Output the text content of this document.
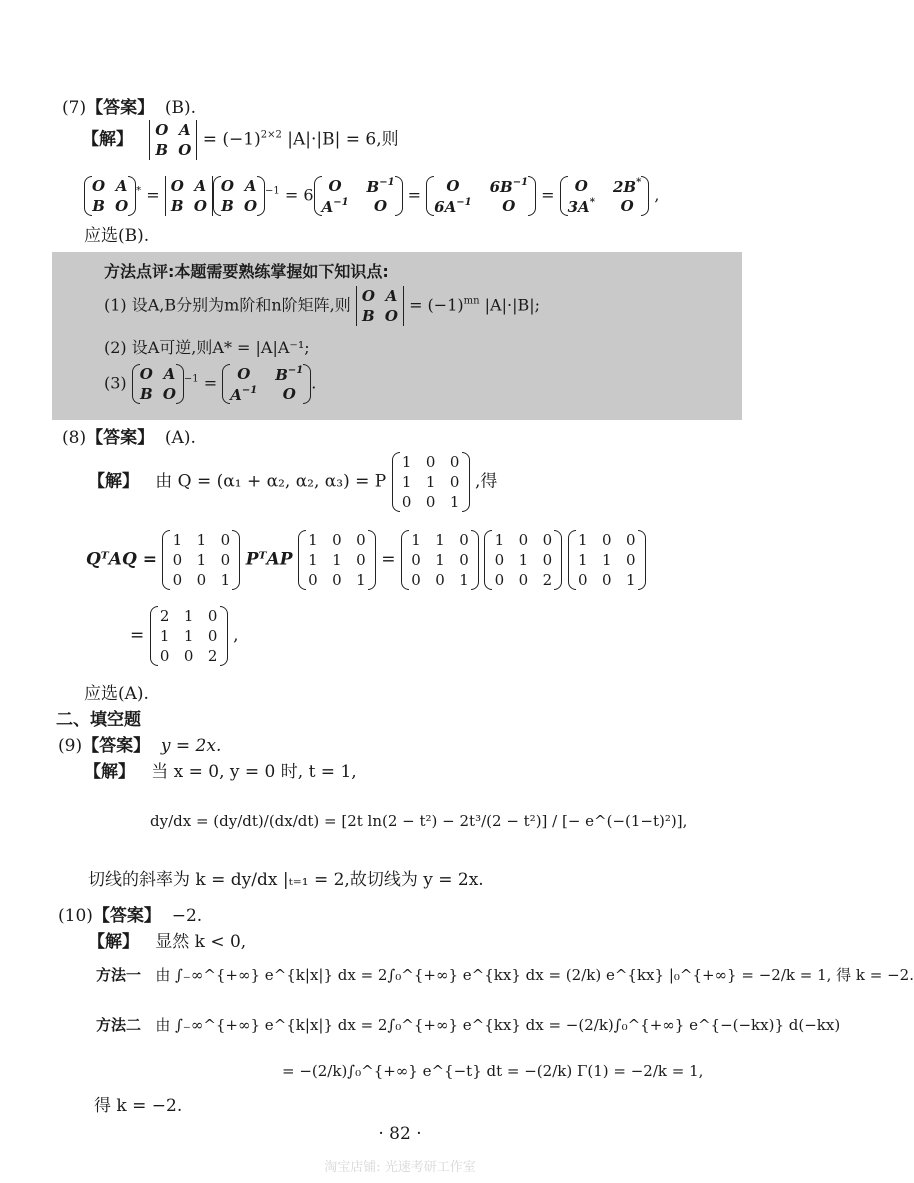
(7)【答案】 (B).
【解】 O A
B O
= $(-1)^{2\times 2}$ |A|·|B| = 6,则
O A
B O
* = O A
B O
O A
B O
$^{-1}$ = 6 O $B^{-1}$
$A^{-1}$ O
= O $6B^{-1}$
$6A^{-1}$ O
= O 2B*
3A* O
,
应选(B).
方法点评:本题需要熟练掌握如下知识点:
(1) 设A,B分别为m阶和n阶矩阵,则 O A
B O
= $(-1)^{mn}$ |A|·|B|;
(2) 设A可逆,则A* = |A|A⁻¹;
(3) O A
B O
$^{-1}$ = O $B^{-1}$
$A^{-1}$ O
.
(8)【答案】 (A).
【解】 由 Q = (α₁ + α₂, α₂, α₃) = P
1 0 0
1 1 0
0 0 1
,得
QᵀAQ =
1 1 0
0 1 0
0 0 1
PᵀAP
1 0 0
1 1 0
0 0 1
=
1 1 0
0 1 0
0 0 1

1 0 0
0 1 0
0 0 2

1 0 0
1 1 0
0 0 1
=
2 1 0
1 1 0
0 0 2
,
应选(A).
二、填空题
(9)【答案】 y = 2x.
【解】 当 x = 0, y = 0 时, t = 1,
dy/dx = (dy/dt)/(dx/dt) = [2t ln(2 − t²) − 2t³/(2 − t²)] / [− e^(−(1−t)²)],
切线的斜率为 k = dy/dx |ₜ₌₁ = 2,故切线为 y = 2x.
(10)【答案】 −2.
【解】 显然 k < 0,
方法一 由 ∫₋∞^{+∞} e^{k|x|} dx = 2∫₀^{+∞} e^{kx} dx = (2/k) e^{kx} |₀^{+∞} = −2/k = 1, 得 k = −2.
方法二 由 ∫₋∞^{+∞} e^{k|x|} dx = 2∫₀^{+∞} e^{kx} dx = −(2/k)∫₀^{+∞} e^{−(−kx)} d(−kx)
= −(2/k)∫₀^{+∞} e^{−t} dt = −(2/k) Γ(1) = −2/k = 1,
得 k = −2.
· 82 ·
淘宝店铺: 光速考研工作室
